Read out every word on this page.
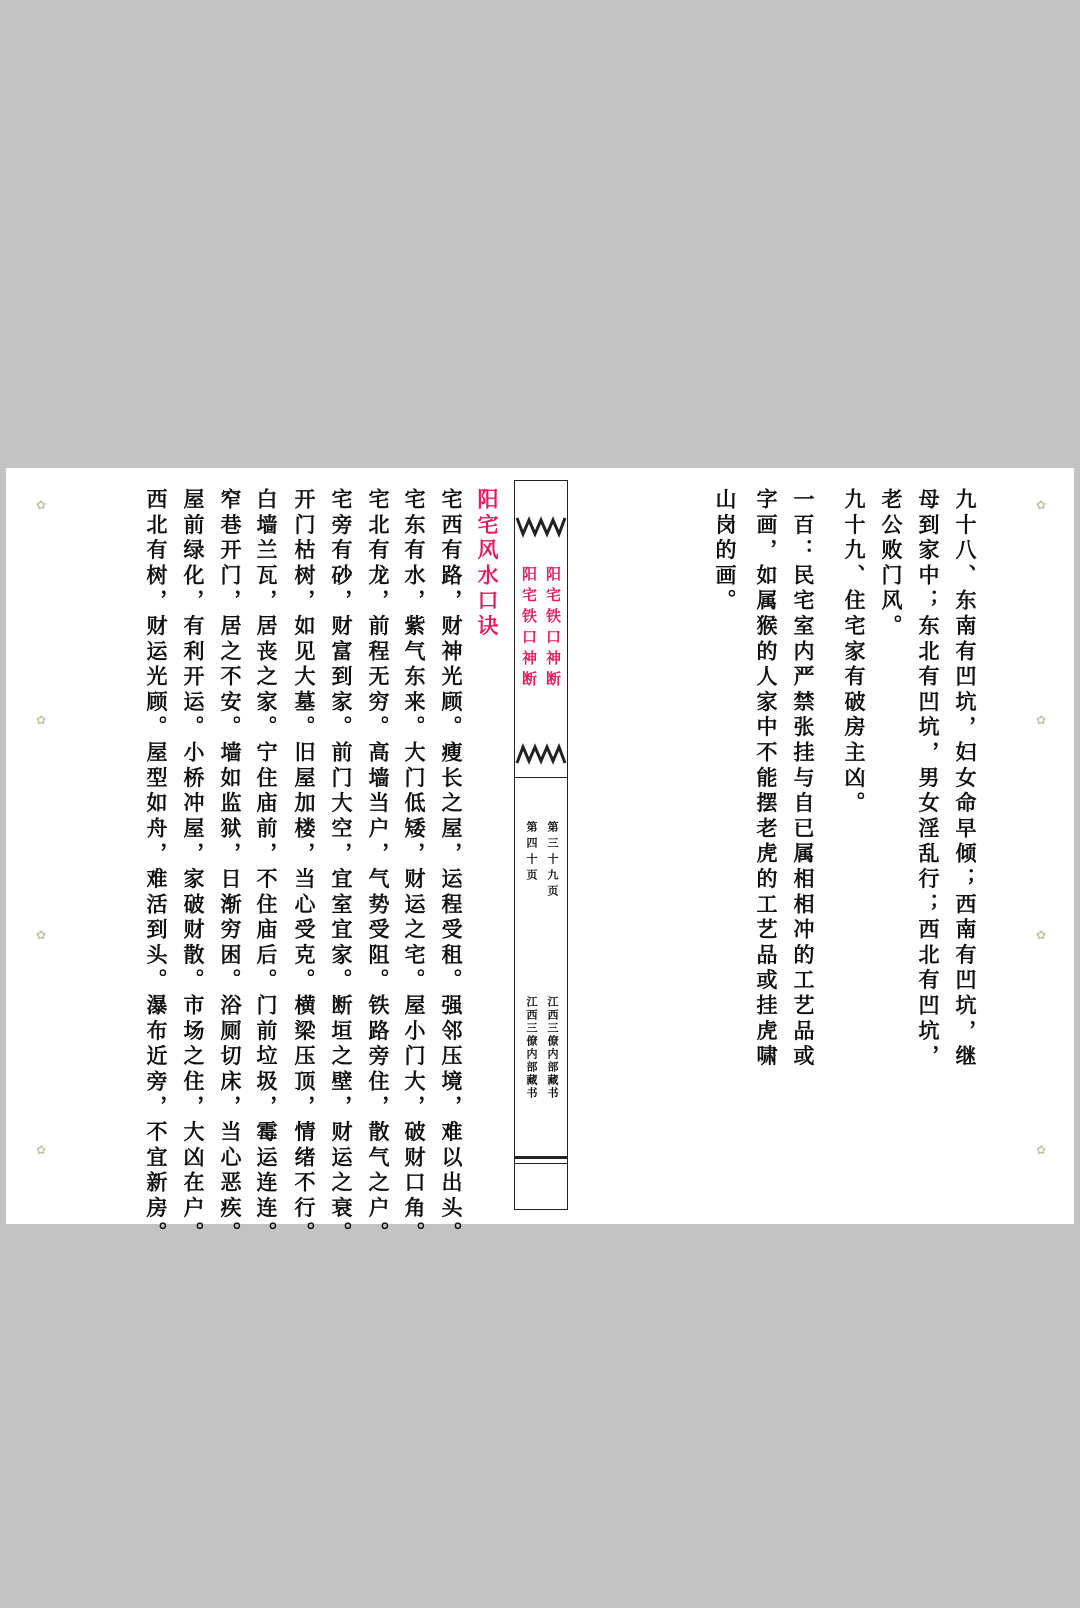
阳宅风水口诀
宅西有路，财神光顾。瘦长之屋，运程受租。强邻压境，难以出头。
宅东有水，紫气东来。大门低矮，财运之宅。屋小门大，破财口角。
宅北有龙，前程无穷。高墙当户，气势受阻。铁路旁住，散气之户。
宅旁有砂，财富到家。前门大空，宜室宜家。断垣之壁，财运之衰。
开门枯树，如见大墓。旧屋加楼，当心受克。横梁压顶，情绪不行。
白墙兰瓦，居丧之家。宁住庙前，不住庙后。门前垃圾，霉运连连。
窄巷开门，居之不安。墙如监狱，日渐穷困。浴厕切床，当心恶疾。
屋前绿化，有利开运。小桥冲屋，家破财散。市场之住，大凶在户。
西北有树，财运光顾。屋型如舟，难活到头。瀑布近旁，不宜新房。	阳宅铁口神断
阳宅铁口神断
第三十九页
第四十页
江西三僚内部藏书
江西三僚内部藏书	九十八、东南有凹坑，妇女命早倾；西南有凹坑，继
母到家中；东北有凹坑，男女淫乱行；西北有凹坑，
老公败门风。
九十九、住宅家有破房主凶。
一百：民宅室内严禁张挂与自已属相相冲的工艺品或
字画，如属猴的人家中不能摆老虎的工艺品或挂虎啸
山岗的画。
✿
✿
✿
✿
✿
✿
✿
✿
